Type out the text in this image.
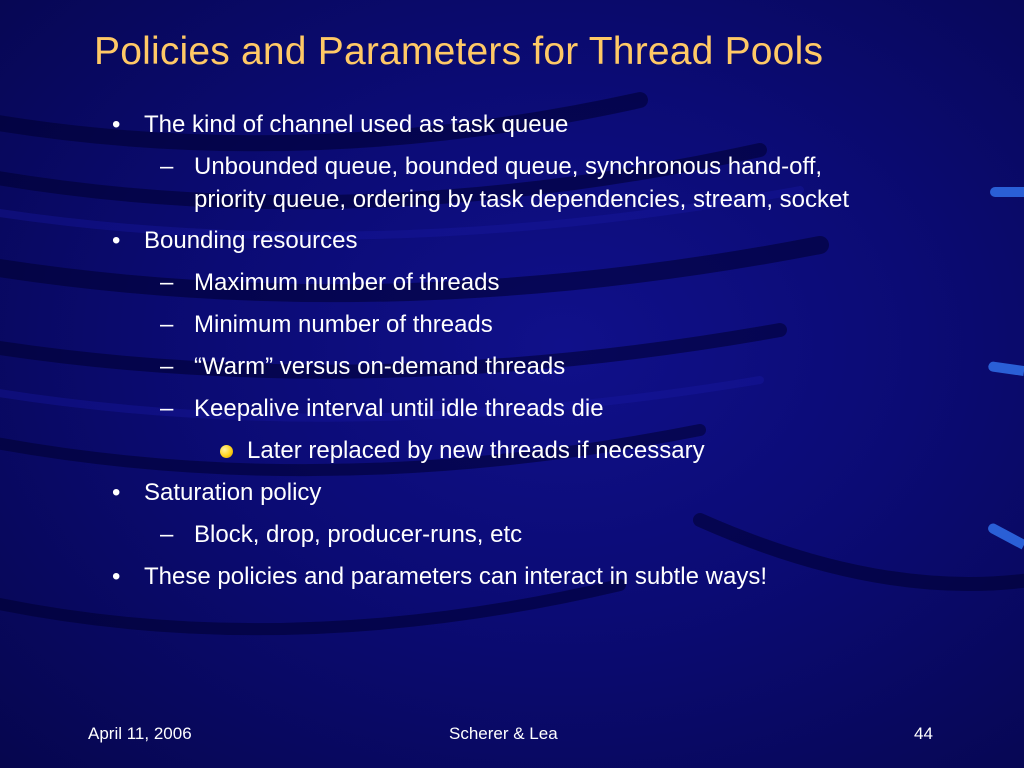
Policies and Parameters for Thread Pools
• The kind of channel used as task queue
– Unbounded queue, bounded queue, synchronous hand-off,
priority queue, ordering by task dependencies, stream, socket
• Bounding resources
– Maximum number of threads
– Minimum number of threads
– “Warm” versus on-demand threads
– Keepalive interval until idle threads die
Later replaced by new threads if necessary
• Saturation policy
– Block, drop, producer-runs, etc
• These policies and parameters can interact in subtle ways!
April 11, 2006	Scherer & Lea	44
